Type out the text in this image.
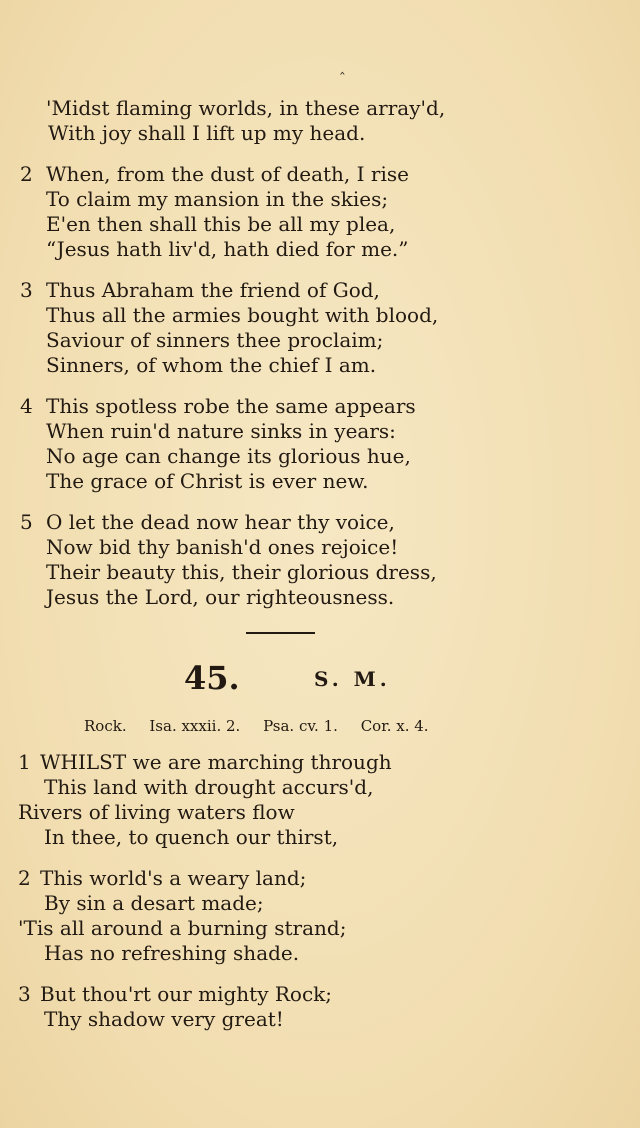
‸
'Midst flaming worlds, in these array'd,
With joy shall I lift up my head.
2 When, from the dust of death, I rise
To claim my mansion in the skies;
E'en then shall this be all my plea,
“Jesus hath liv'd, hath died for me.”
3 Thus Abraham the friend of God,
Thus all the armies bought with blood,
Saviour of sinners thee proclaim;
Sinners, of whom the chief I am.
4 This spotless robe the same appears
When ruin'd nature sinks in years:
No age can change its glorious hue,
The grace of Christ is ever new.
5 O let the dead now hear thy voice,
Now bid thy banish'd ones rejoice!
Their beauty this, their glorious dress,
Jesus the Lord, our righteousness.
45.	S. M.
Rock. Isa. xxxii. 2. Psa. cv. 1. Cor. x. 4.
1 WHILST we are marching through
This land with drought accurs'd,
Rivers of living waters flow
In thee, to quench our thirst,
2 This world's a weary land;
By sin a desart made;
'Tis all around a burning strand;
Has no refreshing shade.
3 But thou'rt our mighty Rock;
Thy shadow very great!
